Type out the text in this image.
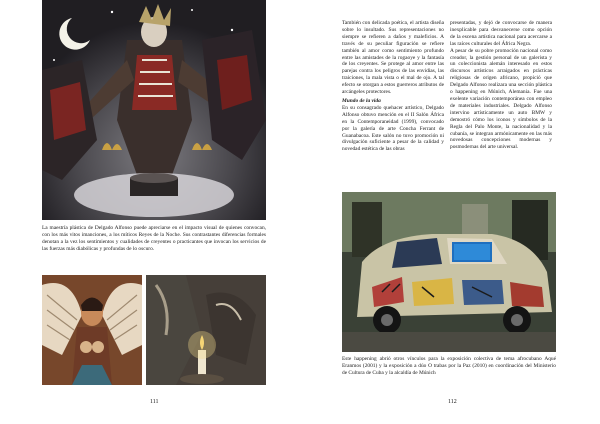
La maestría plástica de Delgado Alfonso puede apreciarse en el impacto visual de quienes convocan, con los más vitos imanciones, a los míticos Reyes de la Noche. Sus contrastantes diferencias formales denotan a la vez los sentimientos y cualidades de creyentes o practicantes que invocan los servicios de las fuerzas más diabólicas y profundas de lo oscuro.
111

También con delicada poética, el artista diseña sobre lo insultado. Sus representaciones no siempre se refieren a daños y maleficios. A través de su peculiar figuración se refiere también al amor como sentimiento profundo entre las amistades de la rogaoye y la fantasía de los creyentes. Se protege al amor entre las parejas contra los peligros de las envidias, las traiciones, la mala vista o el mal de ojo. A tal efecto se otorgan a estos guerreros atributos de arcángeles protectores.

Mundo de la vida

En su consagrado quehacer artístico, Delgado Alfonso obtuvo mención en el II Salón África en la Contemporaneidad (1999), convocado por la galería de arte Concha Ferrant de Guanabacoa. Este salón no tuvo promoción ni divulgación suficiente a pesar de la calidad y novedad estética de las obras

presentadas, y dejó de convocarse de manera inexplicable para desvanecerse como opción de la escena artística nacional para acercarse a las raíces culturales del África Negra.

A pesar de su pobre promoción nacional como creador, la gestión personal de un galerista y un coleccionista alemán interesado en estos discursos artísticos arraigados en prácticas religiosas de origen africano, propició que Delgado Alfonso realizara una sección plástica o happening en Múnich, Alemania. Fue una exelente variación contemporánea con empleo de materiales industriales. Delgado Alfonso intervino artísticamente un auto BMW y demostró cómo los iconos y símbolos de la Regla del Palo Monte, la nacionalidad y la cubanía, se integran armónicamente en las más novedosas concepciones modernas y posmodernas del arte universal.

Este happening abrió otros vínculos para la exposición colectiva de tema afrocubano Aqué Eranmos (2001) y la exposición a dúo O trabas por la Paz (2010) en coordinación del Ministerio de Cultura de Cuba y la alcaldía de Múnich
112
